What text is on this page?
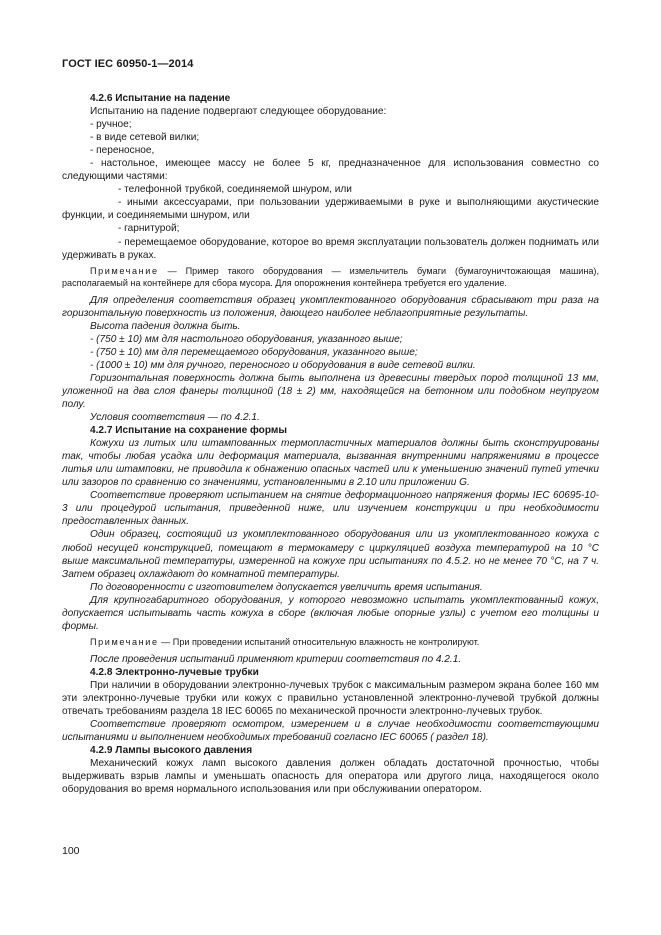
ГОСТ IEC 60950-1—2014

4.2.6 Испытание на падение

Испытанию на падение подвергают следующее оборудование:

- ручное;

- в виде сетевой вилки;

- переносное,

- настольное, имеющее массу не более 5 кг, предназначенное для использования совместно со следующими частями:

- телефонной трубкой, соединяемой шнуром, или

- иными аксессуарами, при пользовании удерживаемыми в руке и выполняющими акустические функции, и соединяемыми шнуром, или

- гарнитурой;

- перемещаемое оборудование, которое во время эксплуатации пользователь должен поднимать или удерживать в руках.

Примечание — Пример такого оборудования — измельчитель бумаги (бумагоуничтожающая машина), располагаемый на контейнере для сбора мусора. Для опорожнения контейнера требуется его удаление.

Для определения соответствия образец укомплектованного оборудования сбрасывают три раза на горизонтальную поверхность из положения, дающего наиболее неблагоприятные результаты.

Высота падения должна быть.

- (750 ± 10) мм для настольного оборудования, указанного выше;

- (750 ± 10) мм для перемещаемого оборудования, указанного выше;

- (1000 ± 10) мм для ручного, переносного и оборудования в виде сетевой вилки.

Горизонтальная поверхность должна быть выполнена из древесины твердых пород толщиной 13 мм, уложенной на два слоя фанеры толщиной (18 ± 2) мм, находящейся на бетонном или подобном неупругом полу.

Условия соответствия — по 4.2.1.

4.2.7 Испытание на сохранение формы

Кожухи из литых или штампованных термопластичных материалов должны быть сконструированы так, чтобы любая усадка или деформация материала, вызванная внутренними напряжениями в процессе литья или штамповки, не приводила к обнажению опасных частей или к уменьшению значений путей утечки или зазоров по сравнению со значениями, установленными в 2.10 или приложении G.

Соответствие проверяют испытанием на снятие деформационного напряжения формы IEC 60695-10-3 или процедурой испытания, приведенной ниже, или изучением конструкции и при необходимости предоставленных данных.

Один образец, состоящий из укомплектованного оборудования или из укомплектованного кожуха с любой несущей конструкцией, помещают в термокамеру с циркуляцией воздуха температурой на 10 °С выше максимальной температуры, измеренной на кожухе при испытаниях по 4.5.2. но не менее 70 °С, на 7 ч. Затем образец охлаждают до комнатной температуры.

По договоренности с изготовителем допускается увеличить время испытания.

Для крупногабаритного оборудования, у которого невозможно испытать укомплектованный кожух, допускается испытывать часть кожуха в сборе (включая любые опорные узлы) с учетом его толщины и формы.

Примечание — При проведении испытаний относительную влажность не контролируют.

После проведения испытаний применяют критерии соответствия по 4.2.1.

4.2.8 Электронно-лучевые трубки

При наличии в оборудовании электронно-лучевых трубок с максимальным размером экрана более 160 мм эти электронно-лучевые трубки или кожух с правильно установленной электронно-лучевой трубкой должны отвечать требованиям раздела 18 IEC 60065 по механической прочности электронно-лучевых трубок.

Соответствие проверяют осмотром, измерением и в случае необходимости соответствующими испытаниями и выполнением необходимых требований согласно IEC 60065 ( раздел 18).

4.2.9 Лампы высокого давления

Механический кожух ламп высокого давления должен обладать достаточной прочностью, чтобы выдерживать взрыв лампы и уменьшать опасность для оператора или другого лица, находящегося около оборудования во время нормального использования или при обслуживании оператором.

100
